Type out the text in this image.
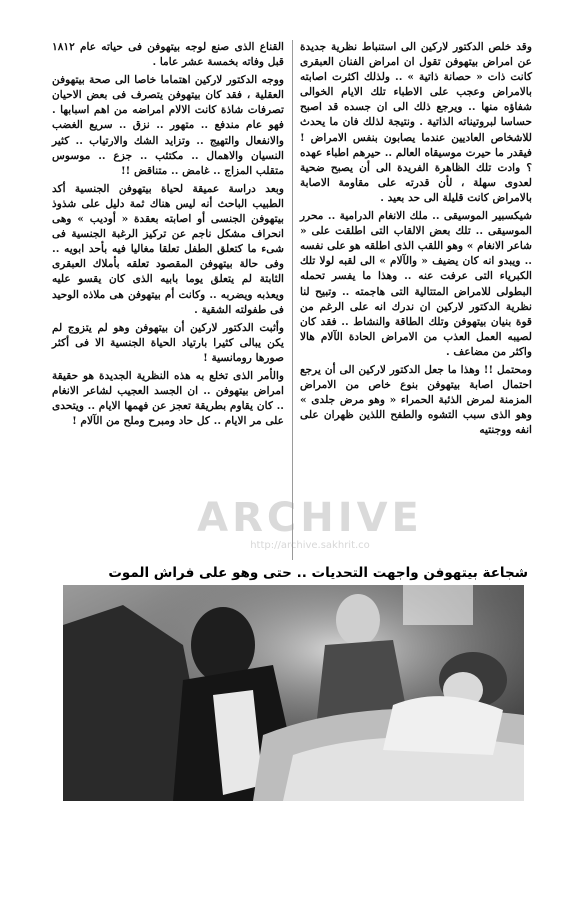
وقد خلص الدكتور لاركين الى استنباط نظرية جديدة عن امراض بيتهوفن تقول ان امراض الفنان العبقرى كانت ذات « حصانة ذاتية » .. ولذلك اكثرت اصابته بالامراض وعجب على الاطباء تلك الايام الخوالى شفاؤه منها .. ويرجع ذلك الى ان جسده قد اصبح حساسا لبروتيناته الذاتية . ونتيجة لذلك فان ما يحدث للاشخاص العاديين عندما يصابون بنفس الامراض ! فيقدر ما حيرت موسيقاه العالم .. حيرهم اطباء عهده ؟ وادت تلك الظاهرة الفريدة الى أن يصبح ضحية لعدوى سهلة ، لأن قدرته على مقاومة الاصابة بالامراض كانت قليلة الى حد بعيد .

شيكسبير الموسيقى .. ملك الانغام الدرامية .. محرر الموسيقى .. تلك بعض الالقاب التى اطلقت على « شاعر الانغام » وهو اللقب الذى اطلقه هو على نفسه .. ويبدو انه كان يضيف « والآلام » الى لقبه لولا تلك الكبرياء التى عرفت عنه .. وهذا ما يفسر تحمله البطولى للامراض المتتالية التى هاجمته .. وتبيح لنا نظرية الدكتور لاركين ان ندرك انه على الرغم من قوة بنيان بيتهوفن وتلك الطاقة والنشاط .. فقد كان لصيبه العمل العذب من الامراض الحادة الآلام هالا واكثر من مضاعف .

ومحتمل !! وهذا ما جعل الدكتور لاركين الى أن يرجع احتمال اصابة بيتهوفن بنوع خاص من الامراض المزمنة لمرض الذئبة الحمراء « وهو مرض جلدى » وهو الذى سبب التشوه والطفح اللذين ظهران على انفه ووجنتيه

القناع الذى صنع لوجه بيتهوفن فى حياته عام ١٨١٢ قبل وفاته بخمسة عشر عاما .

ووجه الدكتور لاركين اهتماما خاصا الى صحة بيتهوفن العقلية ، فقد كان بيتهوفن يتصرف فى بعض الاحيان تصرفات شاذة كانت الالام امراضه من اهم اسبابها . فهو عام مندفع .. متهور .. نزق .. سريع الغضب والانفعال والتهيج .. وتزايد الشك والارتياب .. كثير النسيان والاهمال .. مكتئب .. جزع .. موسوس متقلب المزاج .. غامض .. متناقض !!

وبعد دراسة عميقة لحياة بيتهوفن الجنسية أكد الطبيب الباحث أنه ليس هناك ثمة دليل على شذوذ بيتهوفن الجنسى أو اصابته بعقدة « أوديب » وهى انحراف مشكل ناجم عن تركيز الرغبة الجنسية فى شىء ما كتعلق الطفل تعلقا مغاليا فيه بأحد ابويه .. وفى حالة بيتهوفن المقصود تعلقه بأملاك العبقرى الثابتة لم يتعلق يوما بابيه الذى كان يقسو عليه ويعذبه ويضربه .. وكانت أم بيتهوفن هى ملاذه الوحيد فى طفولته الشقية .

وأثبت الدكتور لاركين أن بيتهوفن وهو لم يتزوج لم يكن يبالى كثيرا بارتياد الحياة الجنسية الا فى أكثر صورها رومانسية !

والأمر الذى تخلع به هذه النظرية الجديدة هو حقيقة امراض بيتهوفن .. ان الجسد العجيب لشاعر الانغام .. كان يقاوم بطريقة تعجز عن فهمها الايام .. ويتحدى على مر الايام .. كل حاد ومبرح وملح من الآلام !

ARCHIVE
http://archive.sakhrit.co
شجاعة بيتهوفن واجهت التحديات .. حتى وهو على فراش الموت
